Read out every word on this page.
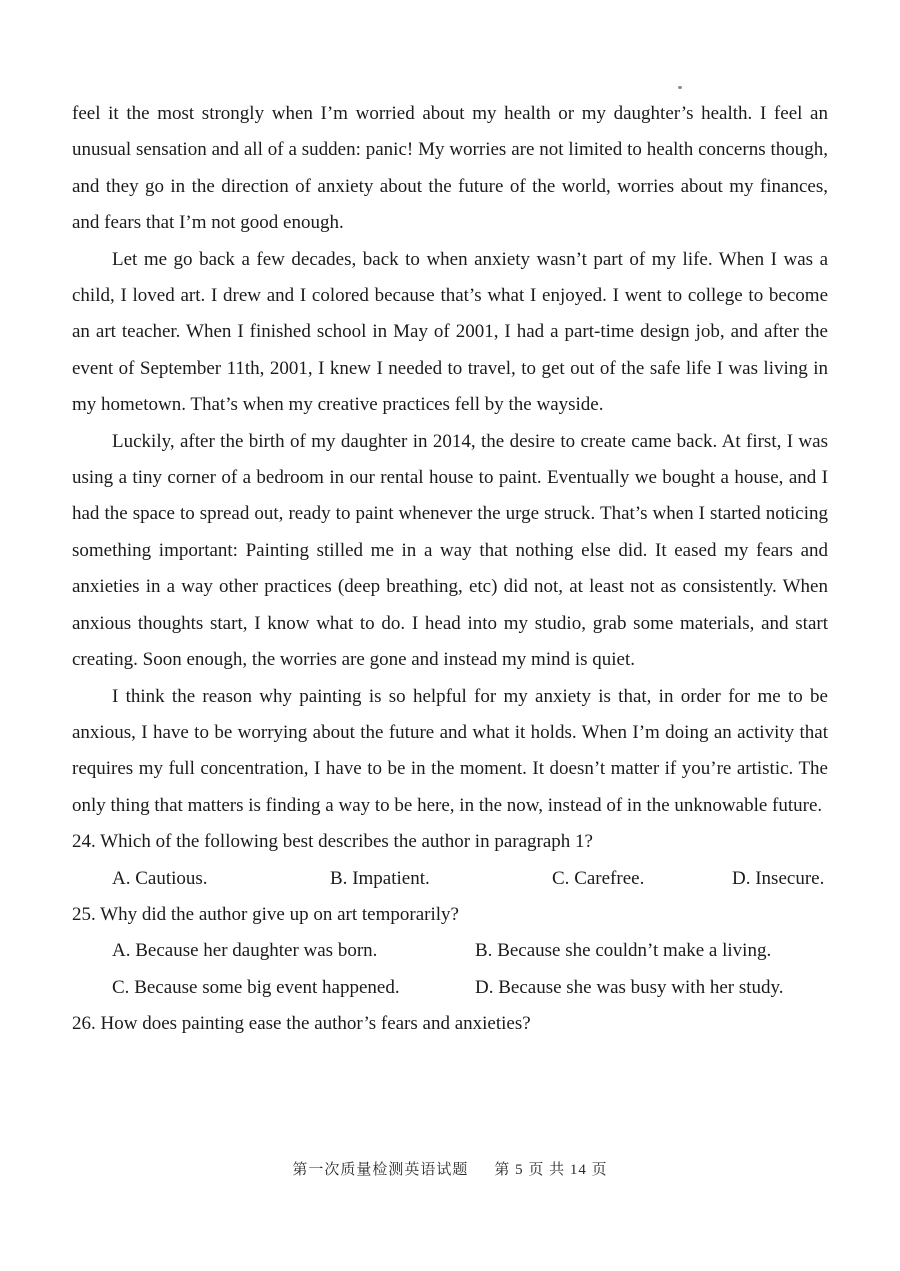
feel it the most strongly when I’m worried about my health or my daughter’s health. I feel an unusual sensation and all of a sudden: panic! My worries are not limited to health concerns though, and they go in the direction of anxiety about the future of the world, worries about my finances, and fears that I’m not good enough.

Let me go back a few decades, back to when anxiety wasn’t part of my life. When I was a child, I loved art. I drew and I colored because that’s what I enjoyed. I went to college to become an art teacher. When I finished school in May of 2001, I had a part-time design job, and after the event of September 11th, 2001, I knew I needed to travel, to get out of the safe life I was living in my hometown. That’s when my creative practices fell by the wayside.

Luckily, after the birth of my daughter in 2014, the desire to create came back. At first, I was using a tiny corner of a bedroom in our rental house to paint. Eventually we bought a house, and I had the space to spread out, ready to paint whenever the urge struck. That’s when I started noticing something important: Painting stilled me in a way that nothing else did. It eased my fears and anxieties in a way other practices (deep breathing, etc) did not, at least not as consistently. When anxious thoughts start, I know what to do. I head into my studio, grab some materials, and start creating. Soon enough, the worries are gone and instead my mind is quiet.

I think the reason why painting is so helpful for my anxiety is that, in order for me to be anxious, I have to be worrying about the future and what it holds. When I’m doing an activity that requires my full concentration, I have to be in the moment. It doesn’t matter if you’re artistic. The only thing that matters is finding a way to be here, in the now, instead of in the unknowable future.

24. Which of the following best describes the author in paragraph 1?

A. Cautious.	B. Impatient.	C. Carefree.	D. Insecure.

25. Why did the author give up on art temporarily?

A. Because her daughter was born.	B. Because she couldn’t make a living.
C. Because some big event happened.	D. Because she was busy with her study.

26. How does painting ease the author’s fears and anxieties?

第一次质量检测英语试题 第 5 页 共 14 页
